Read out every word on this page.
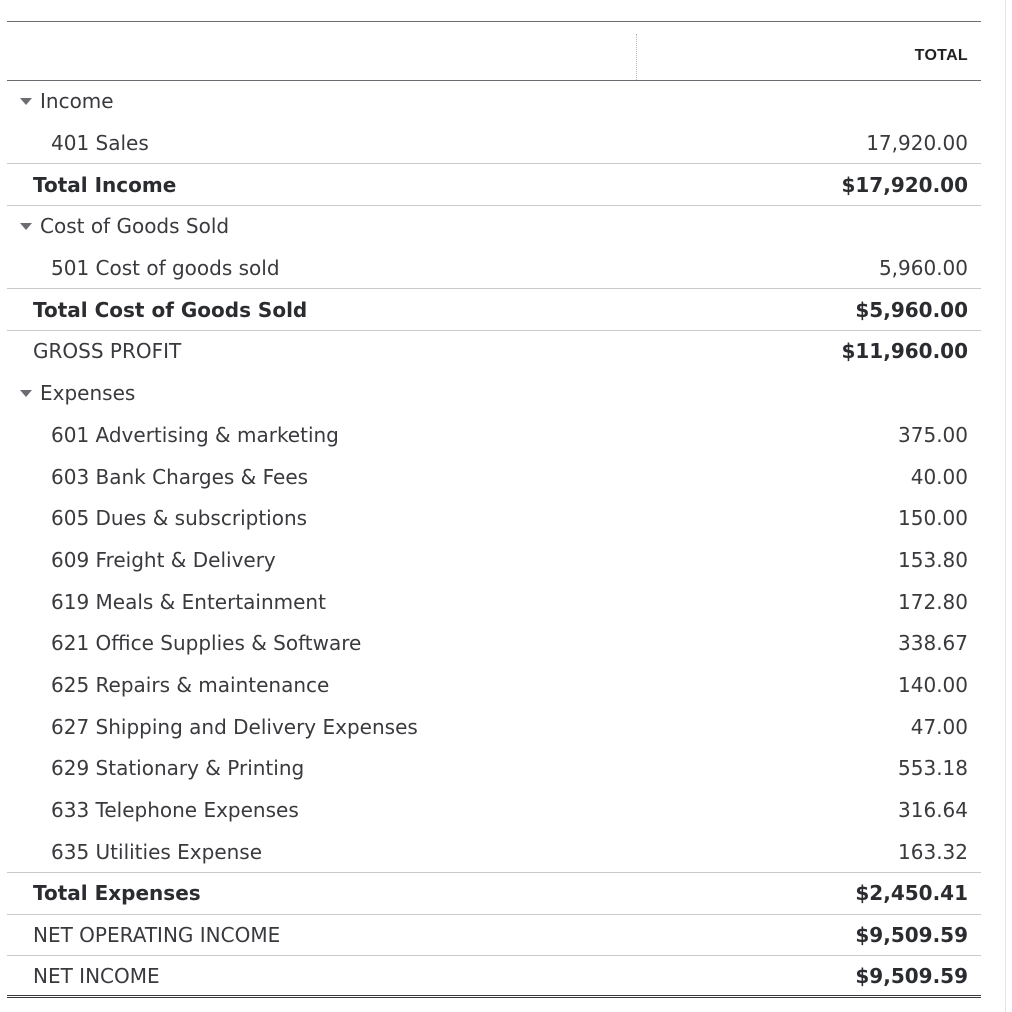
TOTAL
Income
401 Sales	17,920.00
Total Income	$17,920.00
Cost of Goods Sold
501 Cost of goods sold	5,960.00
Total Cost of Goods Sold	$5,960.00
GROSS PROFIT	$11,960.00
Expenses
601 Advertising & marketing	375.00
603 Bank Charges & Fees	40.00
605 Dues & subscriptions	150.00
609 Freight & Delivery	153.80
619 Meals & Entertainment	172.80
621 Office Supplies & Software	338.67
625 Repairs & maintenance	140.00
627 Shipping and Delivery Expenses	47.00
629 Stationary & Printing	553.18
633 Telephone Expenses	316.64
635 Utilities Expense	163.32
Total Expenses	$2,450.41
NET OPERATING INCOME	$9,509.59
NET INCOME	$9,509.59
